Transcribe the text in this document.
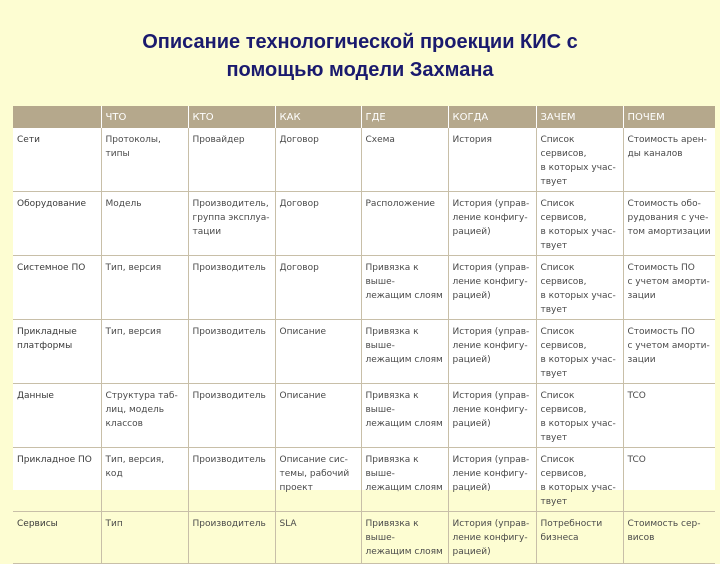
Описание технологической проекции КИС с
помощью модели Захмана
	ЧТО	КТО	КАК	ГДЕ	КОГДА	ЗАЧЕМ	ПОЧЕМ
Сети	Протоколы, типы	Провайдер	Договор	Схема	История	Список сервисов,
в которых учас-
твует	Стоимость арен-
ды каналов
Оборудование	Модель	Производитель,
группа эксплуа-
тации	Договор	Расположение	История (управ-
ление конфигу-
рацией)	Список сервисов,
в которых учас-
твует	Стоимость обо-
рудования с уче-
том амортизации
Системное ПО	Тип, версия	Производитель	Договор	Привязка к выше-
лежащим слоям	История (управ-
ление конфигу-
рацией)	Список сервисов,
в которых учас-
твует	Стоимость ПО
с учетом аморти-
зации
Прикладные
платформы	Тип, версия	Производитель	Описание	Привязка к выше-
лежащим слоям	История (управ-
ление конфигу-
рацией)	Список сервисов,
в которых учас-
твует	Стоимость ПО
с учетом аморти-
зации
Данные	Структура таб-
лиц, модель
классов	Производитель	Описание	Привязка к выше-
лежащим слоям	История (управ-
ление конфигу-
рацией)	Список сервисов,
в которых учас-
твует	TCO
Прикладное ПО	Тип, версия, код	Производитель	Описание сис-
темы, рабочий
проект	Привязка к выше-
лежащим слоям	История (управ-
ление конфигу-
рацией)	Список сервисов,
в которых учас-
твует	TCO
Сервисы	Тип	Производитель	SLA	Привязка к выше-
лежащим слоям	История (управ-
ление конфигу-
рацией)	Потребности
бизнеса	Стоимость сер-
висов
